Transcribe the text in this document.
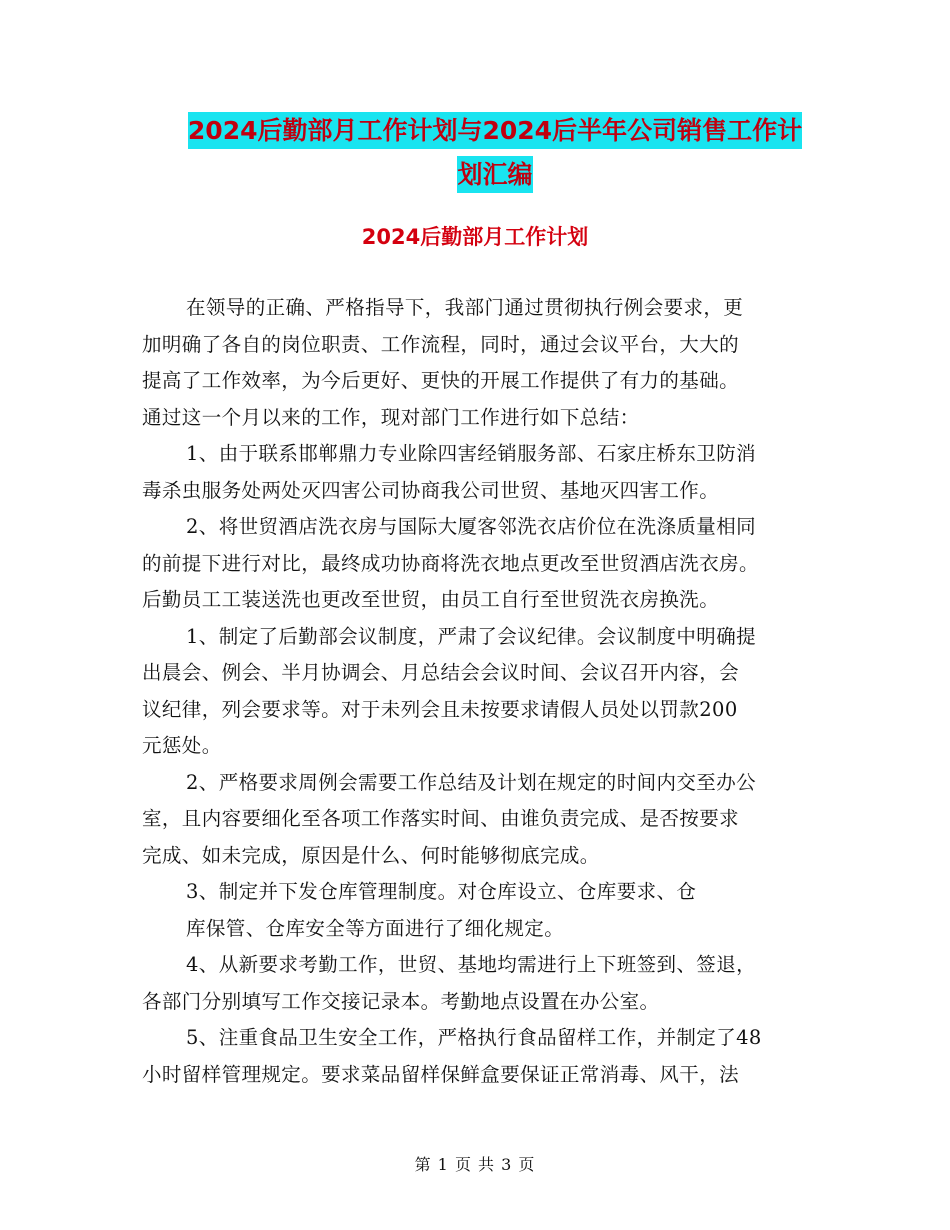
2024后勤部月工作计划与2024后半年公司销售工作计
划汇编
2024后勤部月工作计划
在领导的正确、严格指导下，我部门通过贯彻执行例会要求，更
加明确了各自的岗位职责、工作流程，同时，通过会议平台，大大的
提高了工作效率，为今后更好、更快的开展工作提供了有力的基础。
通过这一个月以来的工作，现对部门工作进行如下总结：
1、由于联系邯郸鼎力专业除四害经销服务部、石家庄桥东卫防消
毒杀虫服务处两处灭四害公司协商我公司世贸、基地灭四害工作。
2、将世贸酒店洗衣房与国际大厦客邻洗衣店价位在洗涤质量相同
的前提下进行对比，最终成功协商将洗衣地点更改至世贸酒店洗衣房。
后勤员工工装送洗也更改至世贸，由员工自行至世贸洗衣房换洗。
1、制定了后勤部会议制度，严肃了会议纪律。会议制度中明确提
出晨会、例会、半月协调会、月总结会会议时间、会议召开内容，会
议纪律，列会要求等。对于未列会且未按要求请假人员处以罚款200
元惩处。
2、严格要求周例会需要工作总结及计划在规定的时间内交至办公
室，且内容要细化至各项工作落实时间、由谁负责完成、是否按要求
完成、如未完成，原因是什么、何时能够彻底完成。
3、制定并下发仓库管理制度。对仓库设立、仓库要求、仓
库保管、仓库安全等方面进行了细化规定。
4、从新要求考勤工作，世贸、基地均需进行上下班签到、签退，
各部门分别填写工作交接记录本。考勤地点设置在办公室。
5、注重食品卫生安全工作，严格执行食品留样工作，并制定了48
小时留样管理规定。要求菜品留样保鲜盒要保证正常消毒、风干，法
第 1 页 共 3 页
